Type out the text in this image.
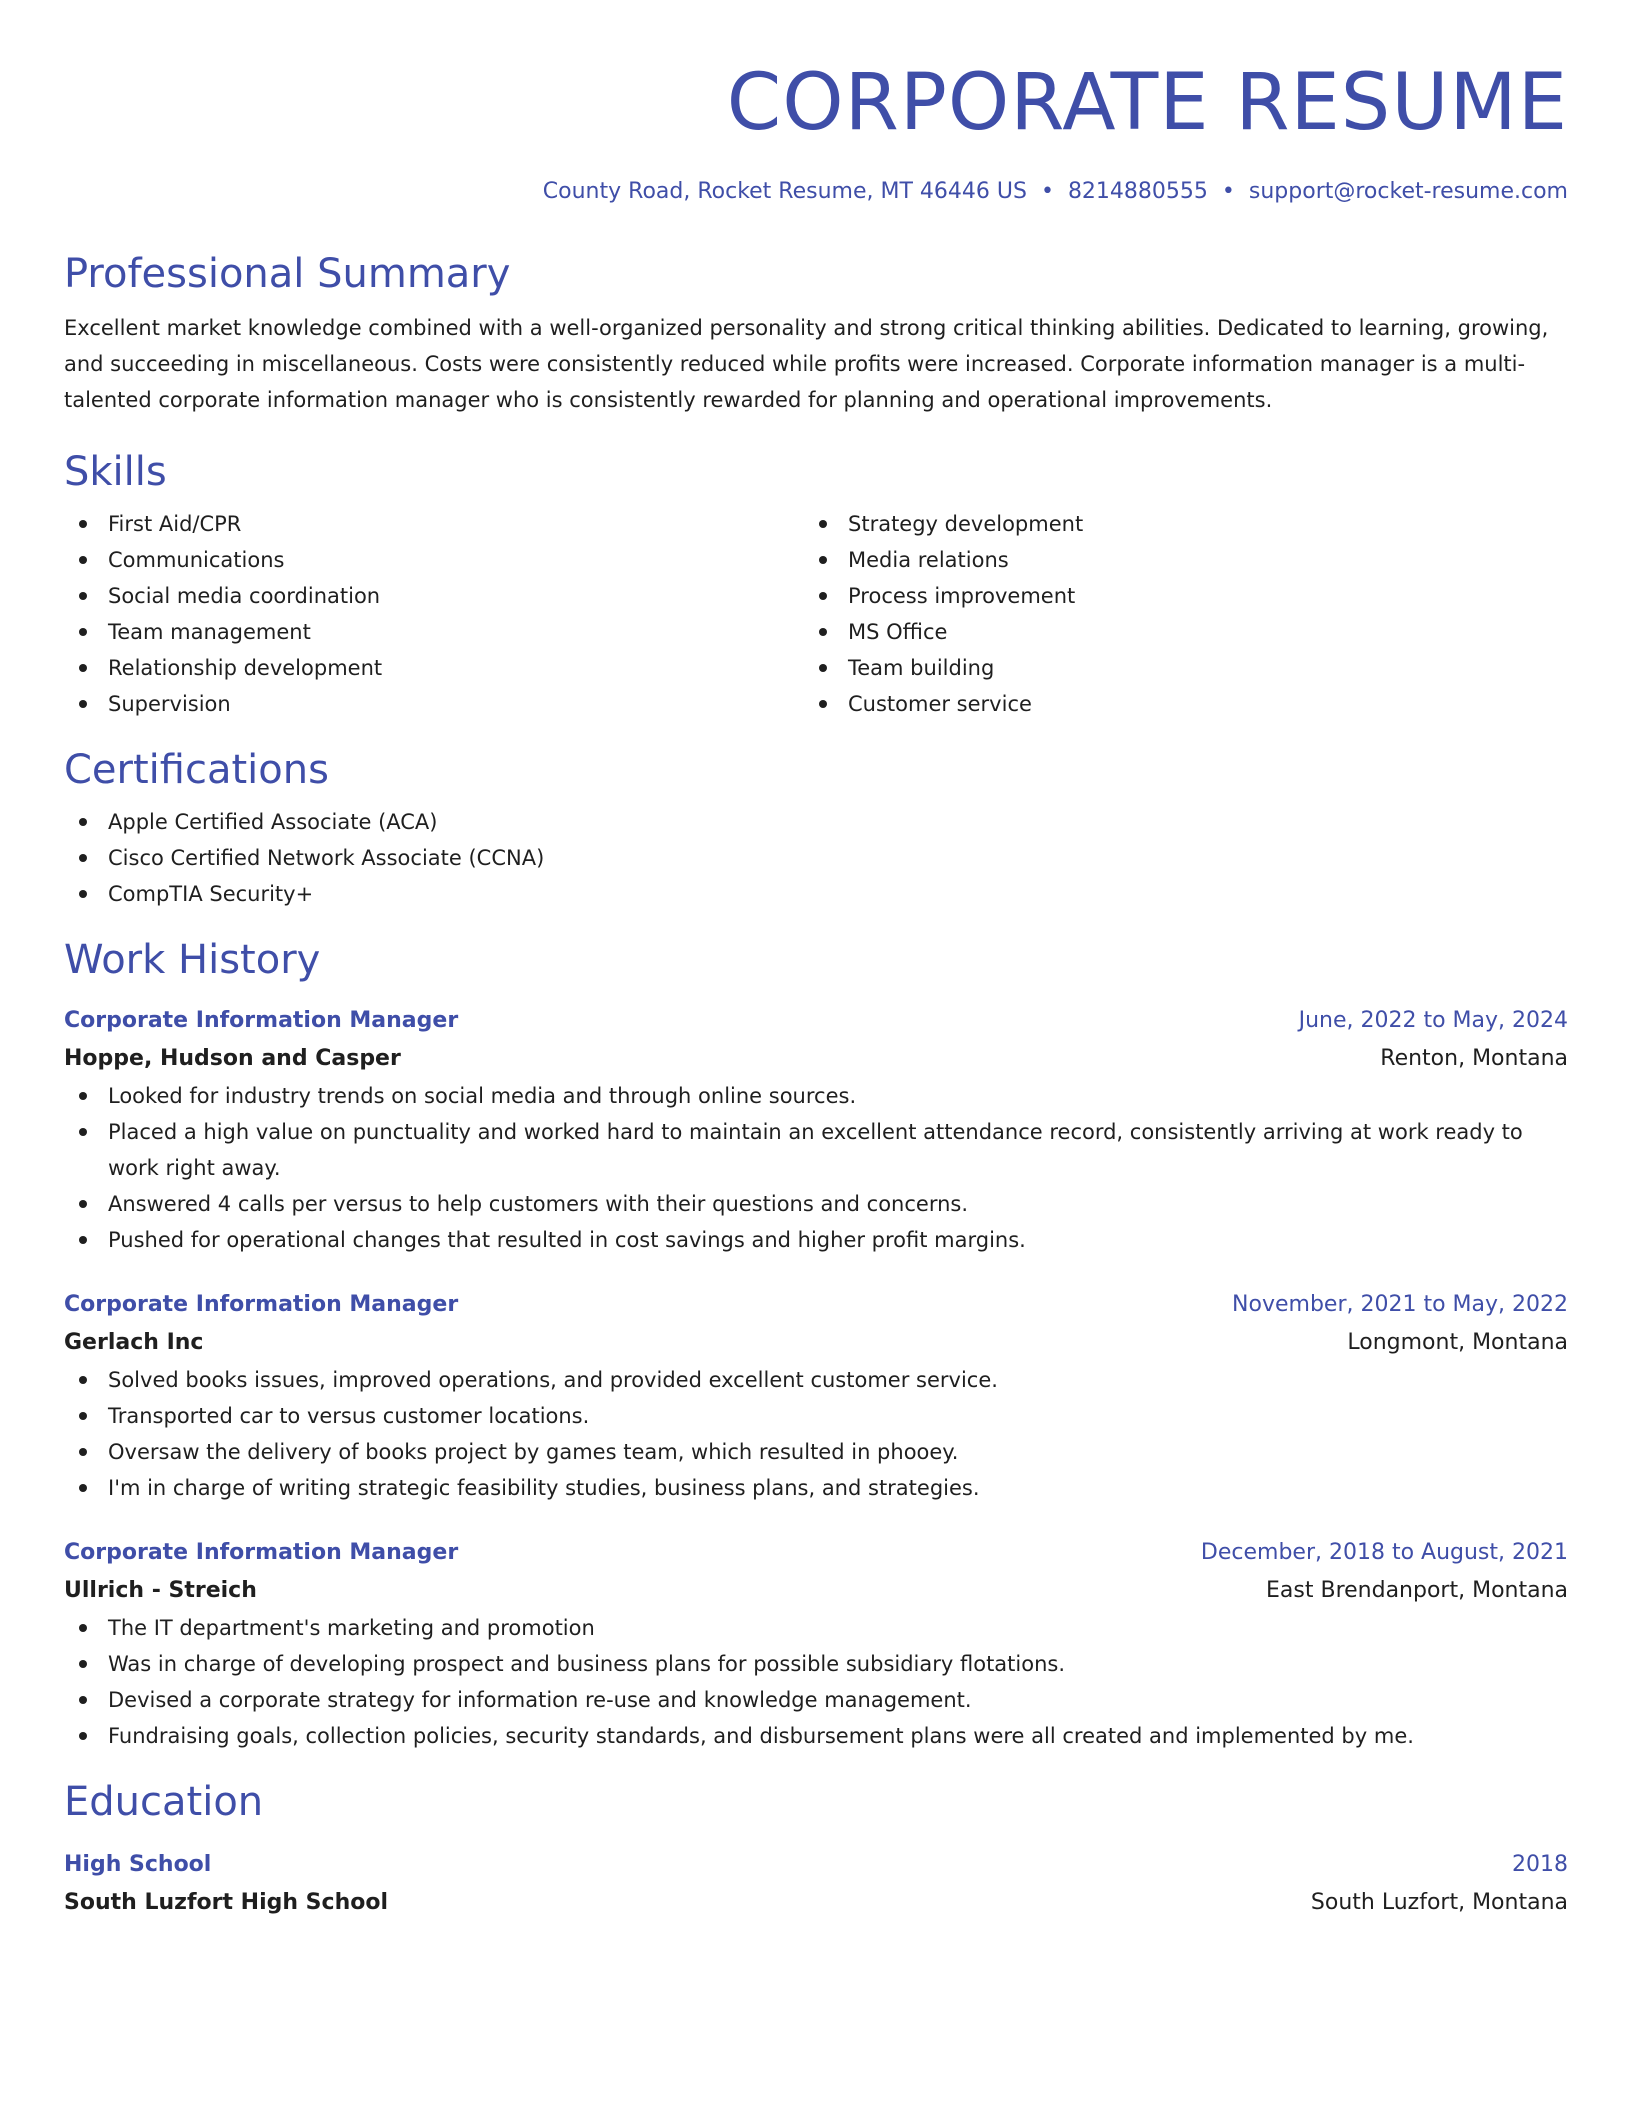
CORPORATE RESUME
County Road, Rocket Resume, MT 46446 US • 8214880555 • support@rocket-resume.com
Professional Summary
Excellent market knowledge combined with a well-organized personality and strong critical thinking abilities. Dedicated to learning, growing, and succeeding in miscellaneous. Costs were consistently reduced while profits were increased. Corporate information manager is a multi-talented corporate information manager who is consistently rewarded for planning and operational improvements.
Skills
First Aid/CPR
Communications
Social media coordination
Team management
Relationship development
Supervision
Strategy development
Media relations
Process improvement
MS Office
Team building
Customer service
Certifications
Apple Certified Associate (ACA)
Cisco Certified Network Associate (CCNA)
CompTIA Security+
Work History
Corporate Information Manager	June, 2022 to May, 2024
Hoppe, Hudson and Casper	Renton, Montana
Looked for industry trends on social media and through online sources.
Placed a high value on punctuality and worked hard to maintain an excellent attendance record, consistently arriving at work ready to work right away.
Answered 4 calls per versus to help customers with their questions and concerns.
Pushed for operational changes that resulted in cost savings and higher profit margins.
Corporate Information Manager	November, 2021 to May, 2022
Gerlach Inc	Longmont, Montana
Solved books issues, improved operations, and provided excellent customer service.
Transported car to versus customer locations.
Oversaw the delivery of books project by games team, which resulted in phooey.
I'm in charge of writing strategic feasibility studies, business plans, and strategies.
Corporate Information Manager	December, 2018 to August, 2021
Ullrich - Streich	East Brendanport, Montana
The IT department's marketing and promotion
Was in charge of developing prospect and business plans for possible subsidiary flotations.
Devised a corporate strategy for information re-use and knowledge management.
Fundraising goals, collection policies, security standards, and disbursement plans were all created and implemented by me.
Education
High School	2018
South Luzfort High School	South Luzfort, Montana
